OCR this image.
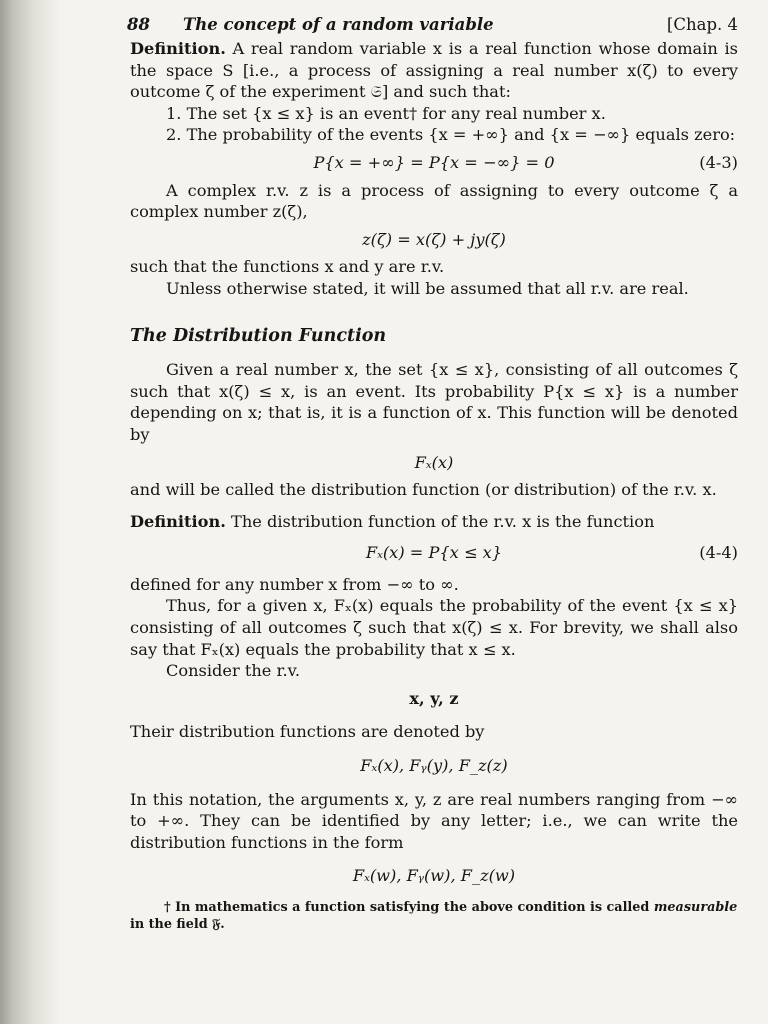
88	The concept of a random variable	[Chap. 4

Definition. A real random variable x is a real function whose domain is the space S [i.e., a process of assigning a real number x(ζ) to every outcome ζ of the experiment 𝔖] and such that:

1. The set {x ≤ x} is an event† for any real number x.

2. The probability of the events {x = +∞} and {x = −∞} equals zero:

P{x = +∞} = P{x = −∞} = 0	(4-3)

A complex r.v. z is a process of assigning to every outcome ζ a complex number z(ζ),

z(ζ) = x(ζ) + jy(ζ)

such that the functions x and y are r.v.

Unless otherwise stated, it will be assumed that all r.v. are real.

The Distribution Function

Given a real number x, the set {x ≤ x}, consisting of all outcomes ζ such that x(ζ) ≤ x, is an event. Its probability P{x ≤ x} is a number depending on x; that is, it is a function of x. This function will be denoted by

Fₓ(x)

and will be called the distribution function (or distribution) of the r.v. x.

Definition. The distribution function of the r.v. x is the function

Fₓ(x) = P{x ≤ x}	(4-4)

defined for any number x from −∞ to ∞.

Thus, for a given x, Fₓ(x) equals the probability of the event {x ≤ x} consisting of all outcomes ζ such that x(ζ) ≤ x. For brevity, we shall also say that Fₓ(x) equals the probability that x ≤ x.

Consider the r.v.

x, y, z

Their distribution functions are denoted by

Fₓ(x), Fᵧ(y), F_z(z)

In this notation, the arguments x, y, z are real numbers ranging from −∞ to +∞. They can be identified by any letter; i.e., we can write the distribution functions in the form

Fₓ(w), Fᵧ(w), F_z(w)
† In mathematics a function satisfying the above condition is called measurable
in the field 𝔉.
